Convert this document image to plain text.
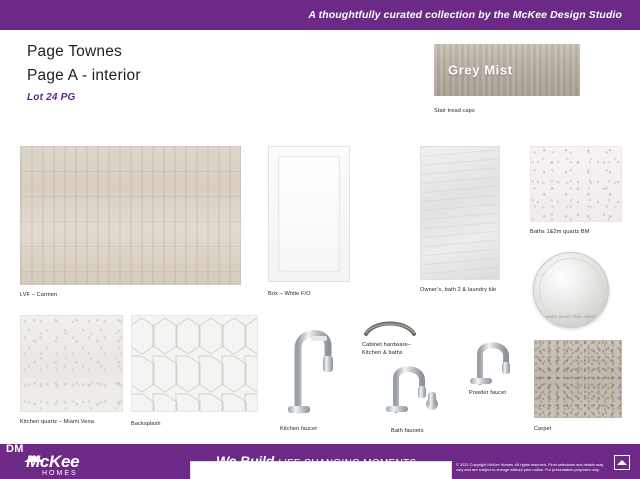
A thoughtfully curated collection by the McKee Design Studio
Page Townes
Page A - interior
Lot 24 PG
Grey Mist
Stair tread caps
LVF – Carmen	Brix – White F/O
Owner’s, bath 2 & laundry tile
Baths 1&2m quartz BM
PAINT DOOR TRIM / PAINT
Kitchen quartz – Miami Vena	Backsplash
Kitchen faucet
Cabinet hardware– Kitchen & baths
Bath fauoets
Powder faucet
Carpet
DM
McKee
HOMES
We Build LIFE CHANGING MOMENTS	© 2021 Copyright McKee Homes. All rights reserved. Final selections and details may vary and are subject to change without prior notice. For presentation purposes only.
